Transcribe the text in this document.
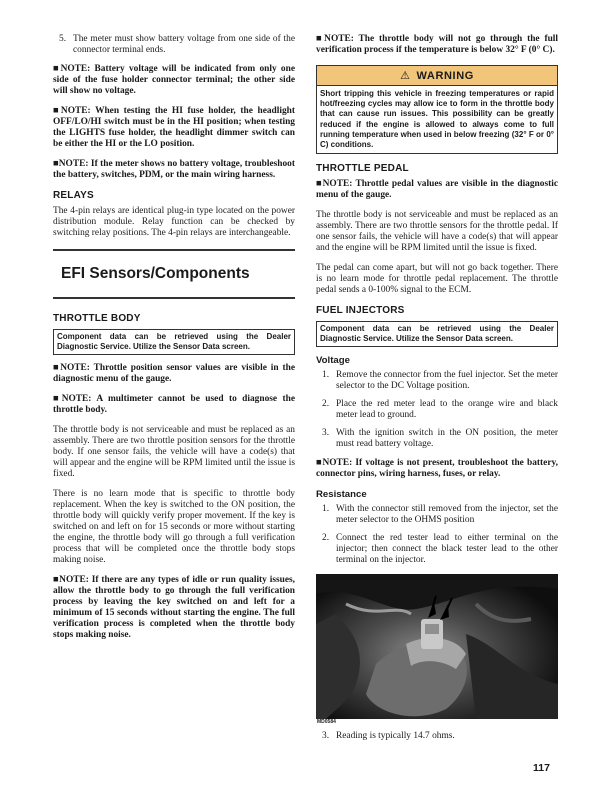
5. The meter must show battery voltage from one side of the connector terminal ends.

■NOTE: Battery voltage will be indicated from only one side of the fuse holder connector terminal; the other side will show no voltage.

■NOTE: When testing the HI fuse holder, the headlight OFF/LO/HI switch must be in the HI position; when testing the LIGHTS fuse holder, the headlight dimmer switch can be either the HI or the LO position.

■NOTE: If the meter shows no battery voltage, troubleshoot the battery, switches, PDM, or the main wiring harness.

RELAYS

The 4-pin relays are identical plug-in type located on the power distribution module. Relay function can be checked by switching relay positions. The 4-pin relays are interchangeable.

EFI Sensors/Components
THROTTLE BODY
Component data can be retrieved using the Dealer Diagnostic Service. Utilize the Sensor Data screen.

■NOTE: Throttle position sensor values are visible in the diagnostic menu of the gauge.

■NOTE: A multimeter cannot be used to diagnose the throttle body.

The throttle body is not serviceable and must be replaced as an assembly. There are two throttle position sensors for the throttle body. If one sensor fails, the vehicle will have a code(s) that will appear and the engine will be RPM limited until the issue is fixed.

There is no learn mode that is specific to throttle body replacement. When the key is switched to the ON position, the throttle body will quickly verify proper movement. If the key is switched on and left on for 15 seconds or more without starting the engine, the throttle body will go through a full verification process that will be completed once the throttle body stops making noise.

■NOTE: If there are any types of idle or run quality issues, allow the throttle body to go through the full verification process by leaving the key switched on and left for a minimum of 15 seconds without starting the engine. The full verification process is completed when the throttle body stops making noise.

■NOTE: The throttle body will not go through the full verification process if the temperature is below 32° F (0° C).

⚠ WARNING
Short tripping this vehicle in freezing temperatures or rapid hot/freezing cycles may allow ice to form in the throttle body that can cause run issues. This possibility can be greatly reduced if the engine is allowed to always come to full running temperature when used in below freezing (32° F or 0° C) conditions.
THROTTLE PEDAL

■NOTE: Throttle pedal values are visible in the diagnostic menu of the gauge.

The throttle body is not serviceable and must be replaced as an assembly. There are two throttle sensors for the throttle pedal. If one sensor fails, the vehicle will have a code(s) that will appear and the engine will be RPM limited until the issue is fixed.

The pedal can come apart, but will not go back together. There is no learn mode for throttle pedal replacement. The throttle pedal sends a 0-100% signal to the ECM.

FUEL INJECTORS
Component data can be retrieved using the Dealer Diagnostic Service. Utilize the Sensor Data screen.
Voltage
1. Remove the connector from the fuel injector. Set the meter selector to the DC Voltage position.
2. Place the red meter lead to the orange wire and black meter lead to ground.
3. With the ignition switch in the ON position, the meter must read battery voltage.

■NOTE: If voltage is not present, troubleshoot the battery, connector pins, wiring harness, fuses, or relay.

Resistance
1. With the connector still removed from the injector, set the meter selector to the OHMS position
2. Connect the red tester lead to either terminal on the injector; then connect the black tester lead to the other terminal on the injector.
MD0584
3. Reading is typically 14.7 ohms.
117
